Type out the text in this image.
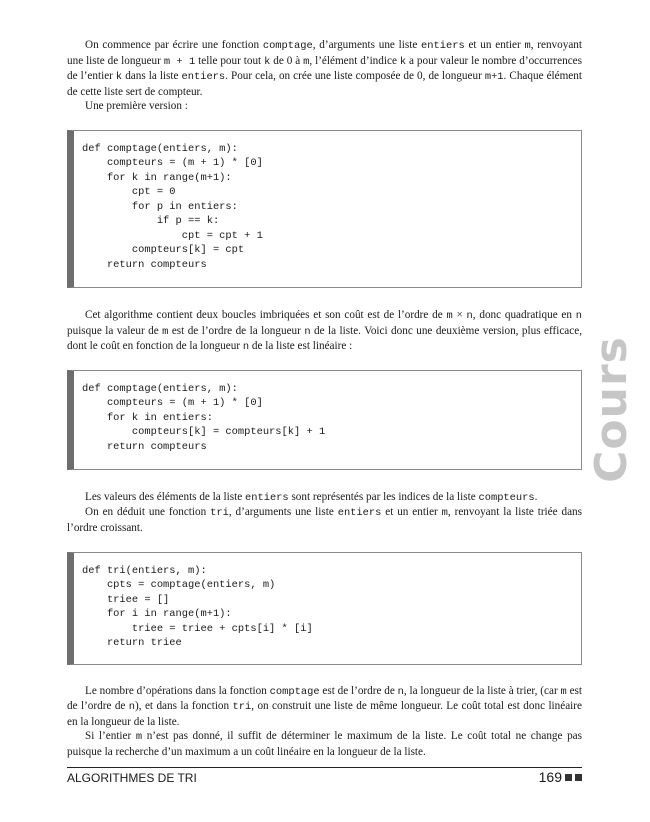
On commence par écrire une fonction comptage, d’arguments une liste entiers et un entier m, renvoyant une liste de longueur m + 1 telle pour tout k de 0 à m, l’élément d’indice k a pour valeur le nombre d’occurrences de l’entier k dans la liste entiers. Pour cela, on crée une liste composée de 0, de longueur m+1. Chaque élément de cette liste sert de compteur.

Une première version :

def comptage(entiers, m):
compteurs = (m + 1) * [0]
for k in range(m+1):
cpt = 0
for p in entiers:
if p == k:
cpt = cpt + 1
compteurs[k] = cpt
return compteurs

Cet algorithme contient deux boucles imbriquées et son coût est de l’ordre de m × n, donc quadratique en n puisque la valeur de m est de l’ordre de la longueur n de la liste. Voici donc une deuxième version, plus efficace, dont le coût en fonction de la longueur n de la liste est linéaire :

def comptage(entiers, m):
compteurs = (m + 1) * [0]
for k in entiers:
compteurs[k] = compteurs[k] + 1
return compteurs

Les valeurs des éléments de la liste entiers sont représentés par les indices de la liste compteurs.

On en déduit une fonction tri, d’arguments une liste entiers et un entier m, renvoyant la liste triée dans l’ordre croissant.

def tri(entiers, m):
cpts = comptage(entiers, m)
triee = []
for i in range(m+1):
triee = triee + cpts[i] * [i]
return triee

Le nombre d’opérations dans la fonction comptage est de l’ordre de n, la longueur de la liste à trier, (car m est de l’ordre de n), et dans la fonction tri, on construit une liste de même longueur. Le coût total est donc linéaire en la longueur de la liste.

Si l’entier m n’est pas donné, il suffit de déterminer le maximum de la liste. Le coût total ne change pas puisque la recherche d’un maximum a un coût linéaire en la longueur de la liste.

Cours
ALGORITHMES DE TRI	169
